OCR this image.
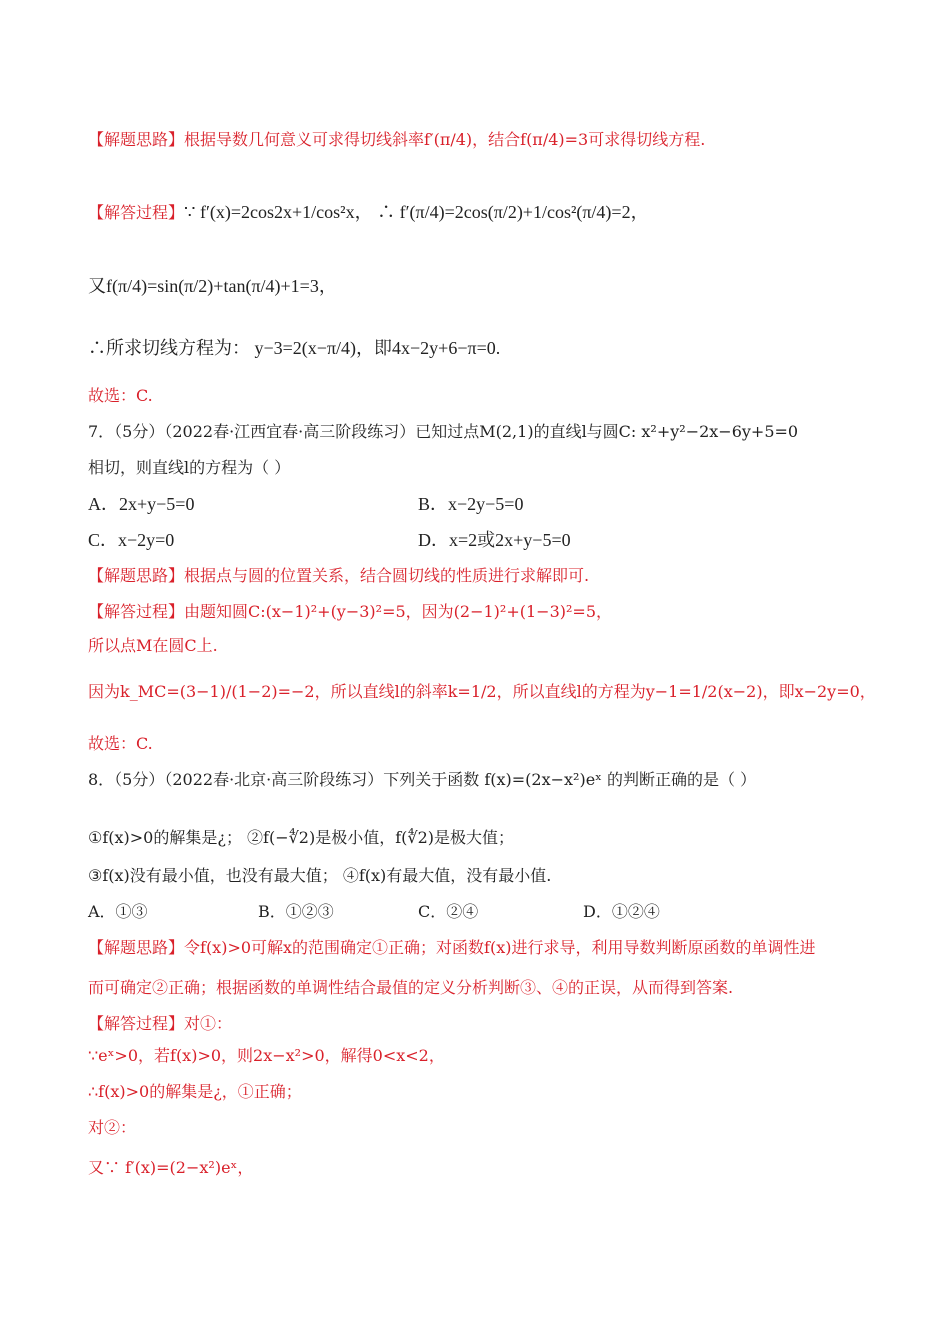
【解题思路】根据导数几何意义可求得切线斜率f′(π/4)，结合f(π/4)=3可求得切线方程.
【解答过程】∵ f′(x)=2cos2x+1/cos²x， ∴ f′(π/4)=2cos(π/2)+1/cos²(π/4)=2，
又f(π/4)=sin(π/2)+tan(π/4)+1=3，
∴所求切线方程为： y−3=2(x−π/4)，即4x−2y+6−π=0.
故选：C.
7．（5分）（2022春·江西宜春·高三阶段练习）已知过点M(2,1)的直线l与圆C: x²+y²−2x−6y+5=0
相切，则直线l的方程为（ ）
A．2x+y−5=0	B．x−2y−5=0
C．x−2y=0	D．x=2或2x+y−5=0
【解题思路】根据点与圆的位置关系，结合圆切线的性质进行求解即可.
【解答过程】由题知圆C:(x−1)²+(y−3)²=5，因为(2−1)²+(1−3)²=5，
所以点M在圆C上.
因为k_MC=(3−1)/(1−2)=−2，所以直线l的斜率k=1/2，所以直线l的方程为y−1=1/2(x−2)，即x−2y=0，
故选：C.
8．（5分）（2022春·北京·高三阶段练习）下列关于函数 f(x)=(2x−x²)eˣ 的判断正确的是（ ）
①f(x)>0的解集是¿； ②f(−∜2)是极小值，f(∜2)是极大值；
③f(x)没有最小值，也没有最大值； ④f(x)有最大值，没有最小值.
A．①③	B．①②③	C．②④	D．①②④
【解题思路】令f(x)>0可解x的范围确定①正确；对函数f(x)进行求导，利用导数判断原函数的单调性进
而可确定②正确；根据函数的单调性结合最值的定义分析判断③、④的正误，从而得到答案.
【解答过程】对①：
∵eˣ>0，若f(x)>0，则2x−x²>0，解得0<x<2，
∴f(x)>0的解集是¿，①正确；
对②：
又∵ f′(x)=(2−x²)eˣ，
